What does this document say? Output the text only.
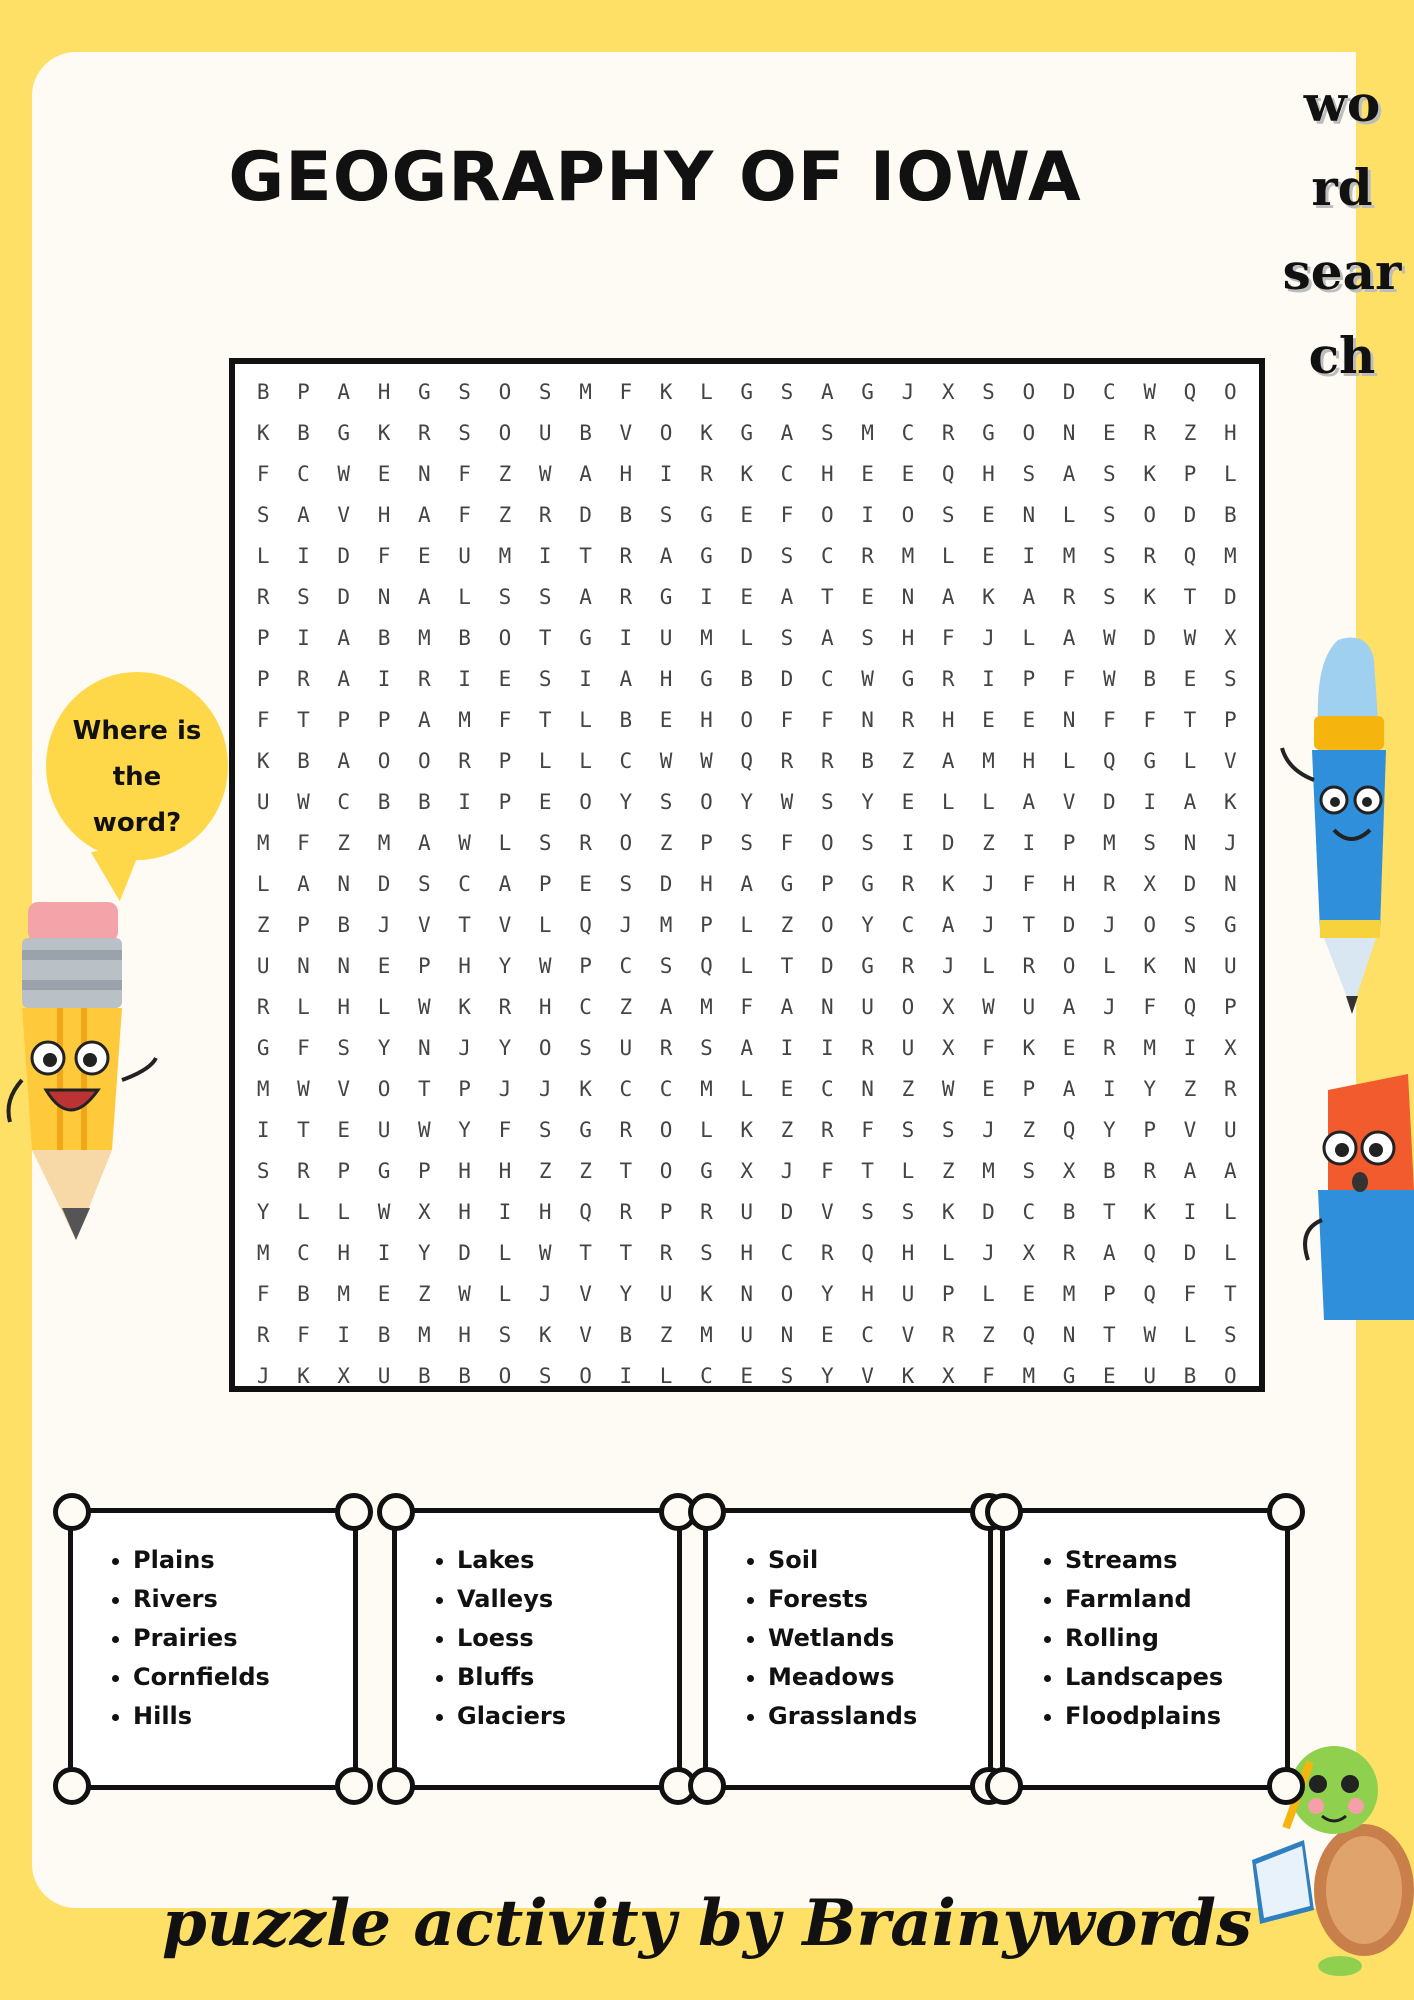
GEOGRAPHY OF IOWA
wo
rd
sear
ch
Where is
the
word?
B	P	A	H	G	S	O	S	M	F	K	L	G	S	A	G	J	X	S	O	D	C	W	Q	O
K	B	G	K	R	S	O	U	B	V	O	K	G	A	S	M	C	R	G	O	N	E	R	Z	H
F	C	W	E	N	F	Z	W	A	H	I	R	K	C	H	E	E	Q	H	S	A	S	K	P	L
S	A	V	H	A	F	Z	R	D	B	S	G	E	F	O	I	O	S	E	N	L	S	O	D	B
L	I	D	F	E	U	M	I	T	R	A	G	D	S	C	R	M	L	E	I	M	S	R	Q	M
R	S	D	N	A	L	S	S	A	R	G	I	E	A	T	E	N	A	K	A	R	S	K	T	D
P	I	A	B	M	B	O	T	G	I	U	M	L	S	A	S	H	F	J	L	A	W	D	W	X
P	R	A	I	R	I	E	S	I	A	H	G	B	D	C	W	G	R	I	P	F	W	B	E	S
F	T	P	P	A	M	F	T	L	B	E	H	O	F	F	N	R	H	E	E	N	F	F	T	P
K	B	A	O	O	R	P	L	L	C	W	W	Q	R	R	B	Z	A	M	H	L	Q	G	L	V
U	W	C	B	B	I	P	E	O	Y	S	O	Y	W	S	Y	E	L	L	A	V	D	I	A	K
M	F	Z	M	A	W	L	S	R	O	Z	P	S	F	O	S	I	D	Z	I	P	M	S	N	J
L	A	N	D	S	C	A	P	E	S	D	H	A	G	P	G	R	K	J	F	H	R	X	D	N
Z	P	B	J	V	T	V	L	Q	J	M	P	L	Z	O	Y	C	A	J	T	D	J	O	S	G
U	N	N	E	P	H	Y	W	P	C	S	Q	L	T	D	G	R	J	L	R	O	L	K	N	U
R	L	H	L	W	K	R	H	C	Z	A	M	F	A	N	U	O	X	W	U	A	J	F	Q	P
G	F	S	Y	N	J	Y	O	S	U	R	S	A	I	I	R	U	X	F	K	E	R	M	I	X
M	W	V	O	T	P	J	J	K	C	C	M	L	E	C	N	Z	W	E	P	A	I	Y	Z	R
I	T	E	U	W	Y	F	S	G	R	O	L	K	Z	R	F	S	S	J	Z	Q	Y	P	V	U
S	R	P	G	P	H	H	Z	Z	T	O	G	X	J	F	T	L	Z	M	S	X	B	R	A	A
Y	L	L	W	X	H	I	H	Q	R	P	R	U	D	V	S	S	K	D	C	B	T	K	I	L
M	C	H	I	Y	D	L	W	T	T	R	S	H	C	R	Q	H	L	J	X	R	A	Q	D	L
F	B	M	E	Z	W	L	J	V	Y	U	K	N	O	Y	H	U	P	L	E	M	P	Q	F	T
R	F	I	B	M	H	S	K	V	B	Z	M	U	N	E	C	V	R	Z	Q	N	T	W	L	S
J	K	X	U	B	B	O	S	O	I	L	C	E	S	Y	V	K	X	F	M	G	E	U	B	O
• Plains
• Rivers
• Prairies
• Cornfields
• Hills
• Lakes
• Valleys
• Loess
• Bluffs
• Glaciers
• Soil
• Forests
• Wetlands
• Meadows
• Grasslands
• Streams
• Farmland
• Rolling
• Landscapes
• Floodplains
puzzle activity by Brainywords
